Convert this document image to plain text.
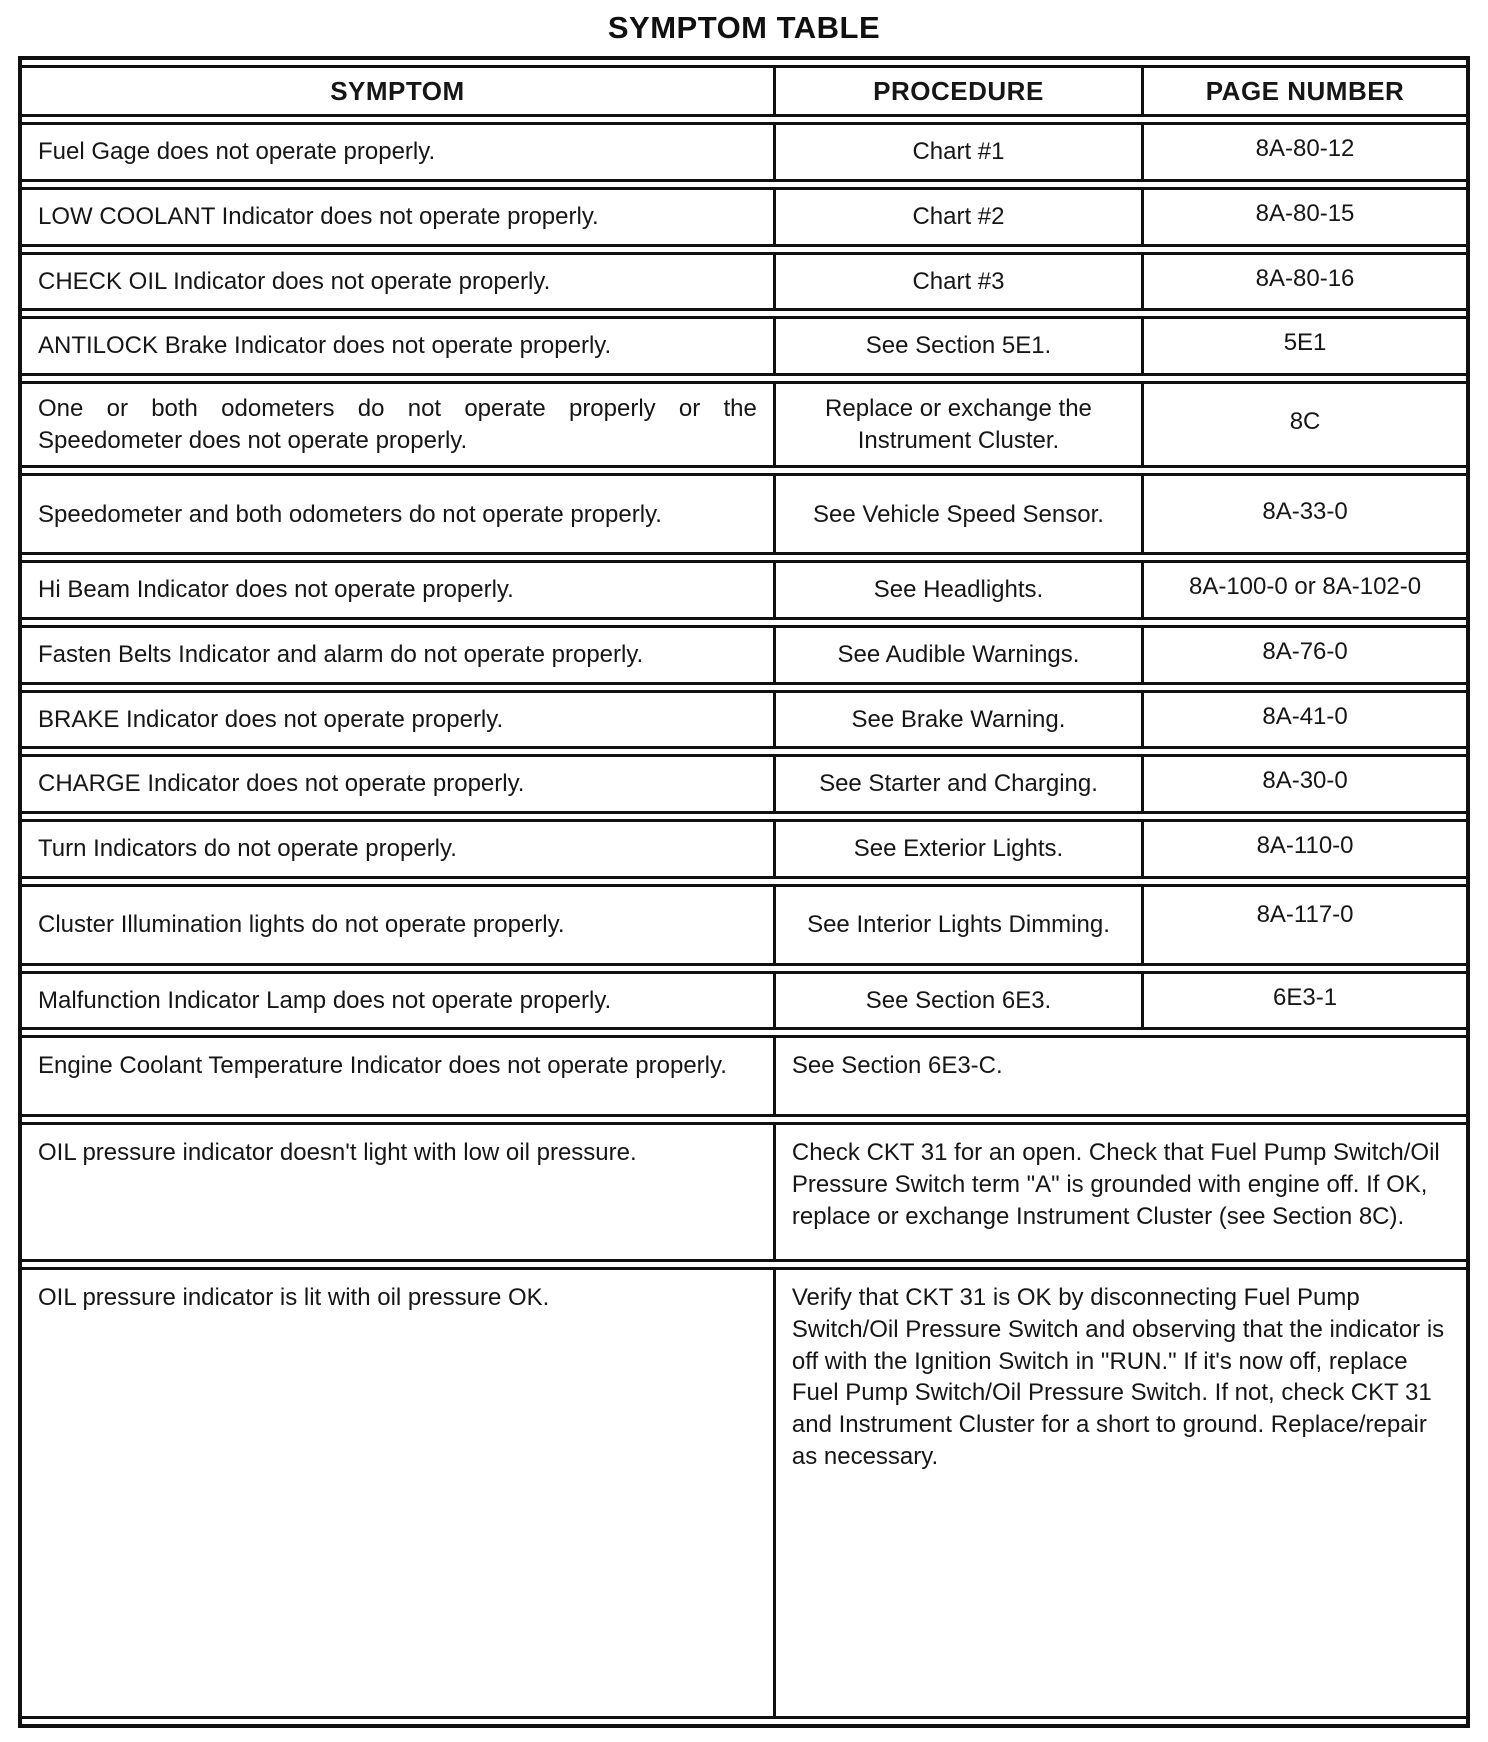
SYMPTOM TABLE
SYMPTOM	PROCEDURE	PAGE NUMBER
Fuel Gage does not operate properly.	Chart #1	8A-80-12
LOW COOLANT Indicator does not operate properly.	Chart #2	8A-80-15
CHECK OIL Indicator does not operate properly.	Chart #3	8A-80-16
ANTILOCK Brake Indicator does not operate properly.	See Section 5E1.	5E1
One or both odometers do not operate properly or the Speedometer does not operate properly.	Replace or exchange the Instrument Cluster.	8C
Speedometer and both odometers do not operate properly.	See Vehicle Speed Sensor.	8A-33-0
Hi Beam Indicator does not operate properly.	See Headlights.	8A-100-0 or 8A-102-0
Fasten Belts Indicator and alarm do not operate properly.	See Audible Warnings.	8A-76-0
BRAKE Indicator does not operate properly.	See Brake Warning.	8A-41-0
CHARGE Indicator does not operate properly.	See Starter and Charging.	8A-30-0
Turn Indicators do not operate properly.	See Exterior Lights.	8A-110-0
Cluster Illumination lights do not operate properly.	See Interior Lights Dimming.	8A-117-0
Malfunction Indicator Lamp does not operate properly.	See Section 6E3.	6E3-1
Engine Coolant Temperature Indicator does not operate properly.	See Section 6E3-C.	
OIL pressure indicator doesn't light with low oil pressure.	Check CKT 31 for an open. Check that Fuel Pump Switch/Oil Pressure Switch term "A" is grounded with engine off. If OK, replace or exchange Instrument Cluster (see Section 8C).	
OIL pressure indicator is lit with oil pressure OK.	Verify that CKT 31 is OK by disconnecting Fuel Pump Switch/Oil Pressure Switch and observing that the indicator is off with the Ignition Switch in "RUN." If it's now off, replace Fuel Pump Switch/Oil Pressure Switch. If not, check CKT 31 and Instrument Cluster for a short to ground. Replace/repair as necessary.	
